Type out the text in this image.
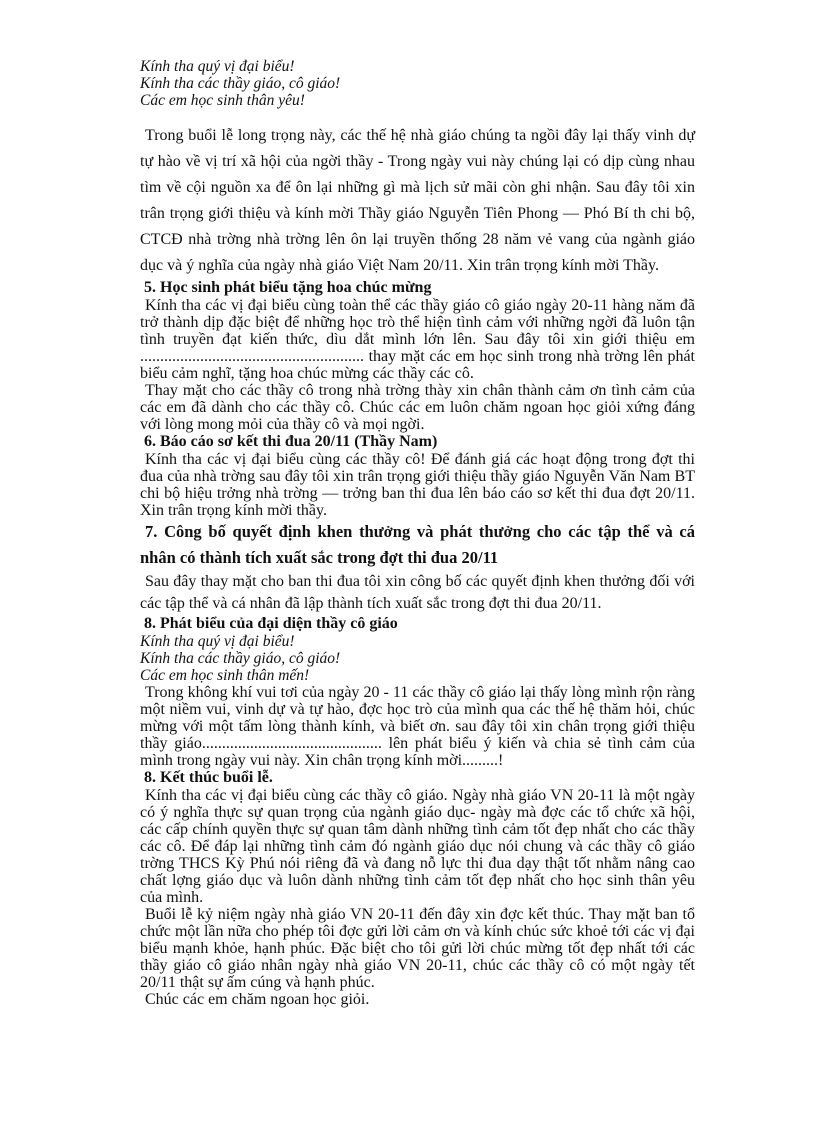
Kính tha quý vị đại biểu!

Kính tha các thầy giáo, cô giáo!

Các em học sinh thân yêu!

Trong buổi lễ long trọng này, các thế hệ nhà giáo chúng ta ngồi đây lại thấy vinh dự tự hào về vị trí xã hội của ngời thầy - Trong ngày vui này chúng lại có dịp cùng nhau tìm về cội nguồn xa để ôn lại những gì mà lịch sử mãi còn ghi nhận. Sau đây tôi xin trân trọng giới thiệu và kính mời Thầy giáo Nguyễn Tiên Phong — Phó Bí th chi bộ, CTCĐ nhà trờng nhà trờng lên ôn lại truyền thống 28 năm vẻ vang của ngành giáo dục và ý nghĩa của ngày nhà giáo Việt Nam 20/11. Xin trân trọng kính mời Thầy.

5. Học sinh phát biểu tặng hoa chúc mừng

Kính tha các vị đại biểu cùng toàn thể các thầy giáo cô giáo ngày 20-11 hàng năm đã trở thành dịp đặc biệt để những học trò thể hiện tình cảm với những ngời đã luôn tận tình truyền đạt kiến thức, dìu dắt mình lớn lên. Sau đây tôi xin giới thiệu em ........................................................ thay mặt các em học sinh trong nhà trờng lên phát biểu cảm nghĩ, tặng hoa chúc mừng các thầy các cô.

Thay mặt cho các thầy cô trong nhà trờng thày xin chân thành cảm ơn tình cảm của các em đã dành cho các thầy cô. Chúc các em luôn chăm ngoan học giỏi xứng đáng với lòng mong mỏi của thầy cô và mọi ngời.

6. Báo cáo sơ kết thi đua 20/11 (Thầy Nam)

Kính tha các vị đại biểu cùng các thầy cô! Để đánh giá các hoạt động trong đợt thi đua của nhà trờng sau đây tôi xin trân trọng giới thiệu thầy giáo Nguyễn Văn Nam BT chi bộ hiệu trởng nhà trờng — trởng ban thi đua lên báo cáo sơ kết thi đua đợt 20/11. Xin trân trọng kính mời thầy.

7. Công bố quyết định khen thưởng và phát thưởng cho các tập thể và cá nhân có thành tích xuất sắc trong đợt thi đua 20/11

Sau đây thay mặt cho ban thi đua tôi xin công bố các quyết định khen thưởng đối với các tập thể và cá nhân đã lập thành tích xuất sắc trong đợt thi đua 20/11.

8. Phát biểu của đại diện thầy cô giáo

Kính tha quý vị đại biểu!

Kính tha các thầy giáo, cô giáo!

Các em học sinh thân mến!

Trong không khí vui tơi của ngày 20 - 11 các thầy cô giáo lại thấy lòng mình rộn ràng một niềm vui, vinh dự và tự hào, đợc học trò của mình qua các thế hệ thăm hỏi, chúc mừng với một tấm lòng thành kính, và biết ơn. sau đây tôi xin chân trọng giới thiệu thầy giáo............................................. lên phát biểu ý kiến và chia sẻ tình cảm của mình trong ngày vui này. Xin chân trọng kính mời.........!

8. Kết thúc buổi lễ.

Kính tha các vị đại biểu cùng các thầy cô giáo. Ngày nhà giáo VN 20-11 là một ngày có ý nghĩa thực sự quan trọng của ngành giáo dục- ngày mà đợc các tổ chức xã hội, các cấp chính quyền thực sự quan tâm dành những tình cảm tốt đẹp nhất cho các thầy các cô. Để đáp lại những tình cảm đó ngành giáo dục nói chung và các thầy cô giáo trờng THCS Kỳ Phú nói riêng đã và đang nỗ lực thi đua dạy thật tốt nhằm nâng cao chất lợng giáo dục và luôn dành những tình cảm tốt đẹp nhất cho học sinh thân yêu của mình.

Buổi lễ kỷ niệm ngày nhà giáo VN 20-11 đến đây xin đợc kết thúc. Thay mặt ban tổ chức một lần nữa cho phép tôi đợc gửi lời cảm ơn và kính chúc sức khoẻ tới các vị đại biểu mạnh khỏe, hạnh phúc. Đặc biệt cho tôi gửi lời chúc mừng tốt đẹp nhất tới các thầy giáo cô giáo nhân ngày nhà giáo VN 20-11, chúc các thầy cô có một ngày tết 20/11 thật sự ấm cúng và hạnh phúc.

Chúc các em chăm ngoan học giỏi.
